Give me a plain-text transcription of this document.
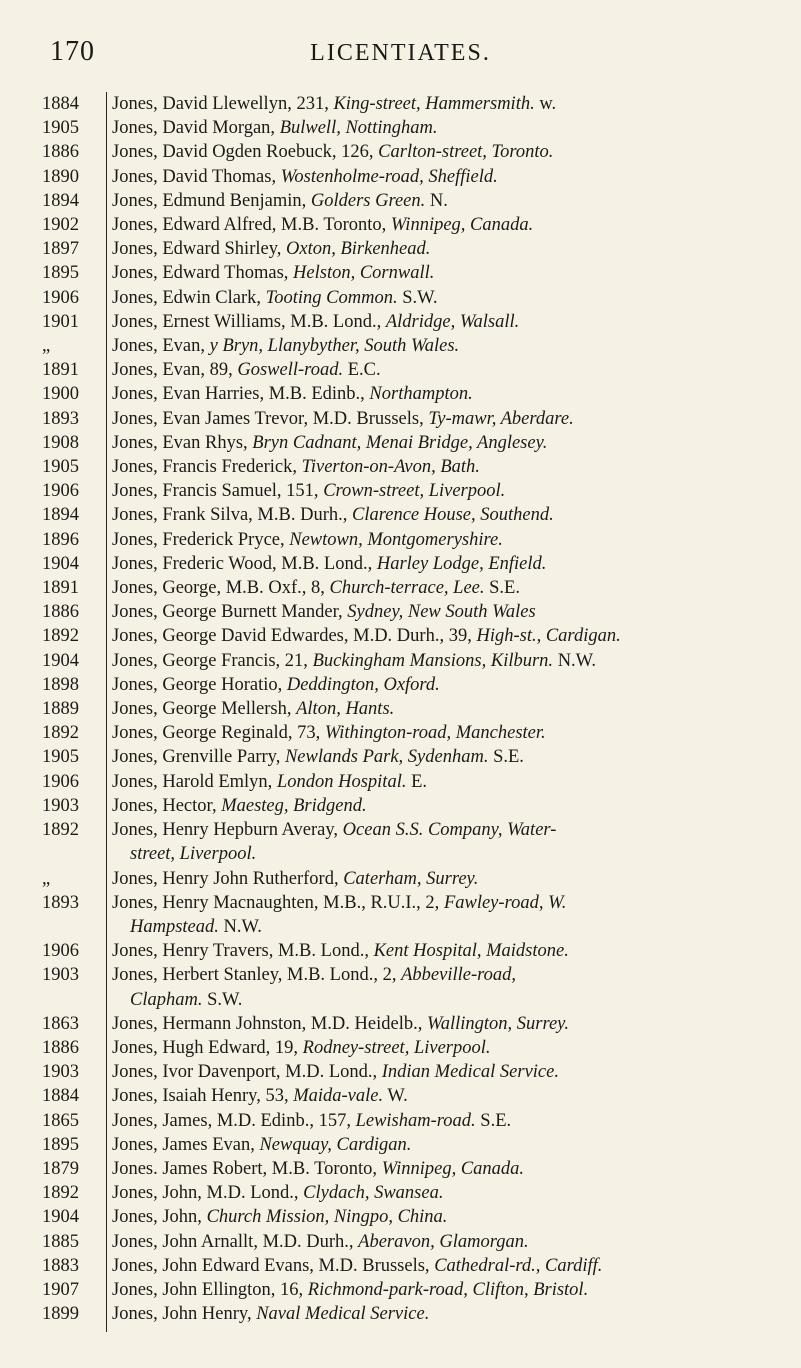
170	LICENTIATES.
1884	Jones, David Llewellyn, 231, King-street, Hammersmith. w.
1905	Jones, David Morgan, Bulwell, Nottingham.
1886	Jones, David Ogden Roebuck, 126, Carlton-street, Toronto.
1890	Jones, David Thomas, Wostenholme-road, Sheffield.
1894	Jones, Edmund Benjamin, Golders Green. N.
1902	Jones, Edward Alfred, M.B. Toronto, Winnipeg, Canada.
1897	Jones, Edward Shirley, Oxton, Birkenhead.
1895	Jones, Edward Thomas, Helston, Cornwall.
1906	Jones, Edwin Clark, Tooting Common. S.W.
1901	Jones, Ernest Williams, M.B. Lond., Aldridge, Walsall.
„	Jones, Evan, y Bryn, Llanybyther, South Wales.
1891	Jones, Evan, 89, Goswell-road. E.C.
1900	Jones, Evan Harries, M.B. Edinb., Northampton.
1893	Jones, Evan James Trevor, M.D. Brussels, Ty-mawr, Aberdare.
1908	Jones, Evan Rhys, Bryn Cadnant, Menai Bridge, Anglesey.
1905	Jones, Francis Frederick, Tiverton-on-Avon, Bath.
1906	Jones, Francis Samuel, 151, Crown-street, Liverpool.
1894	Jones, Frank Silva, M.B. Durh., Clarence House, Southend.
1896	Jones, Frederick Pryce, Newtown, Montgomeryshire.
1904	Jones, Frederic Wood, M.B. Lond., Harley Lodge, Enfield.
1891	Jones, George, M.B. Oxf., 8, Church-terrace, Lee. S.E.
1886	Jones, George Burnett Mander, Sydney, New South Wales
1892	Jones, George David Edwardes, M.D. Durh., 39, High-st., Cardigan.
1904	Jones, George Francis, 21, Buckingham Mansions, Kilburn. N.W.
1898	Jones, George Horatio, Deddington, Oxford.
1889	Jones, George Mellersh, Alton, Hants.
1892	Jones, George Reginald, 73, Withington-road, Manchester.
1905	Jones, Grenville Parry, Newlands Park, Sydenham. S.E.
1906	Jones, Harold Emlyn, London Hospital. E.
1903	Jones, Hector, Maesteg, Bridgend.
1892	Jones, Henry Hepburn Averay, Ocean S.S. Company, Water-
street, Liverpool.
„	Jones, Henry John Rutherford, Caterham, Surrey.
1893	Jones, Henry Macnaughten, M.B., R.U.I., 2, Fawley-road, W.
Hampstead. N.W.
1906	Jones, Henry Travers, M.B. Lond., Kent Hospital, Maidstone.
1903	Jones, Herbert Stanley, M.B. Lond., 2, Abbeville-road,
Clapham. S.W.
1863	Jones, Hermann Johnston, M.D. Heidelb., Wallington, Surrey.
1886	Jones, Hugh Edward, 19, Rodney-street, Liverpool.
1903	Jones, Ivor Davenport, M.D. Lond., Indian Medical Service.
1884	Jones, Isaiah Henry, 53, Maida-vale. W.
1865	Jones, James, M.D. Edinb., 157, Lewisham-road. S.E.
1895	Jones, James Evan, Newquay, Cardigan.
1879	Jones. James Robert, M.B. Toronto, Winnipeg, Canada.
1892	Jones, John, M.D. Lond., Clydach, Swansea.
1904	Jones, John, Church Mission, Ningpo, China.
1885	Jones, John Arnallt, M.D. Durh., Aberavon, Glamorgan.
1883	Jones, John Edward Evans, M.D. Brussels, Cathedral-rd., Cardiff.
1907	Jones, John Ellington, 16, Richmond-park-road, Clifton, Bristol.
1899	Jones, John Henry, Naval Medical Service.
